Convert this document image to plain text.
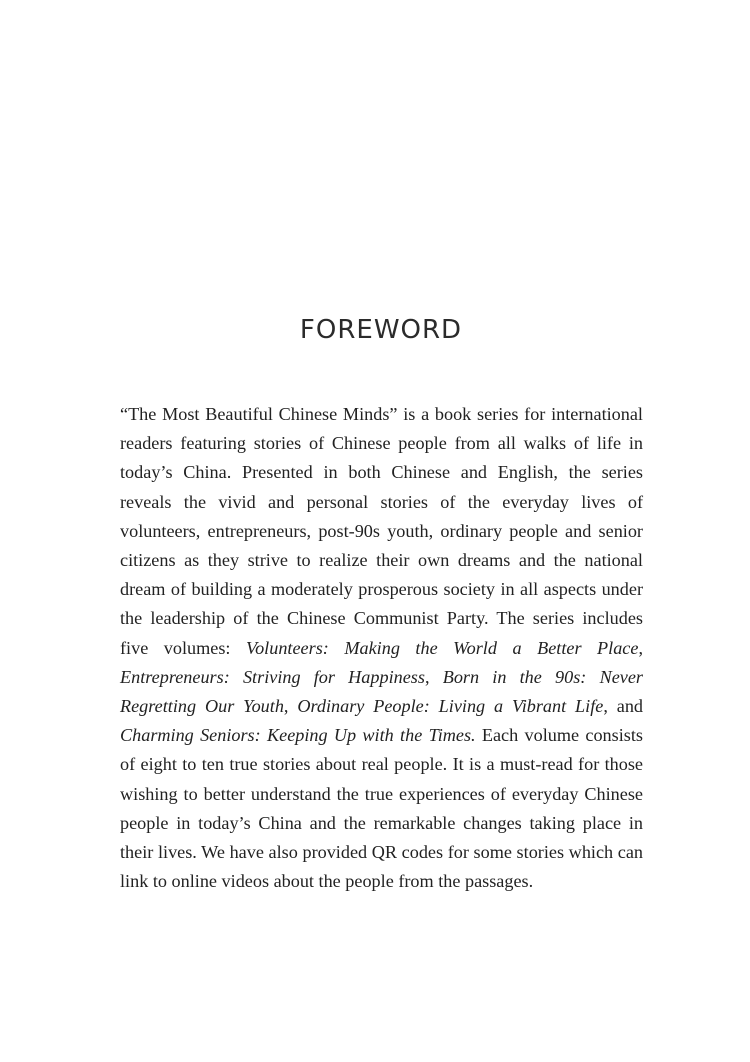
FOREWORD

“The Most Beautiful Chinese Minds” is a book series for international readers featuring stories of Chinese people from all walks of life in today’s China. Presented in both Chinese and English, the series reveals the vivid and personal stories of the everyday lives of volunteers, entrepreneurs, post-90s youth, ordinary people and senior citizens as they strive to realize their own dreams and the national dream of building a moderately prosperous society in all aspects under the leadership of the Chinese Communist Party. The series includes five volumes: Volunteers: Making the World a Better Place, Entrepreneurs: Striving for Happiness, Born in the 90s: Never Regretting Our Youth, Ordinary People: Living a Vibrant Life, and Charming Seniors: Keeping Up with the Times. Each volume consists of eight to ten true stories about real people. It is a must-read for those wishing to better understand the true experiences of everyday Chinese people in today’s China and the remarkable changes taking place in their lives. We have also provided QR codes for some stories which can link to online videos about the people from the passages.
